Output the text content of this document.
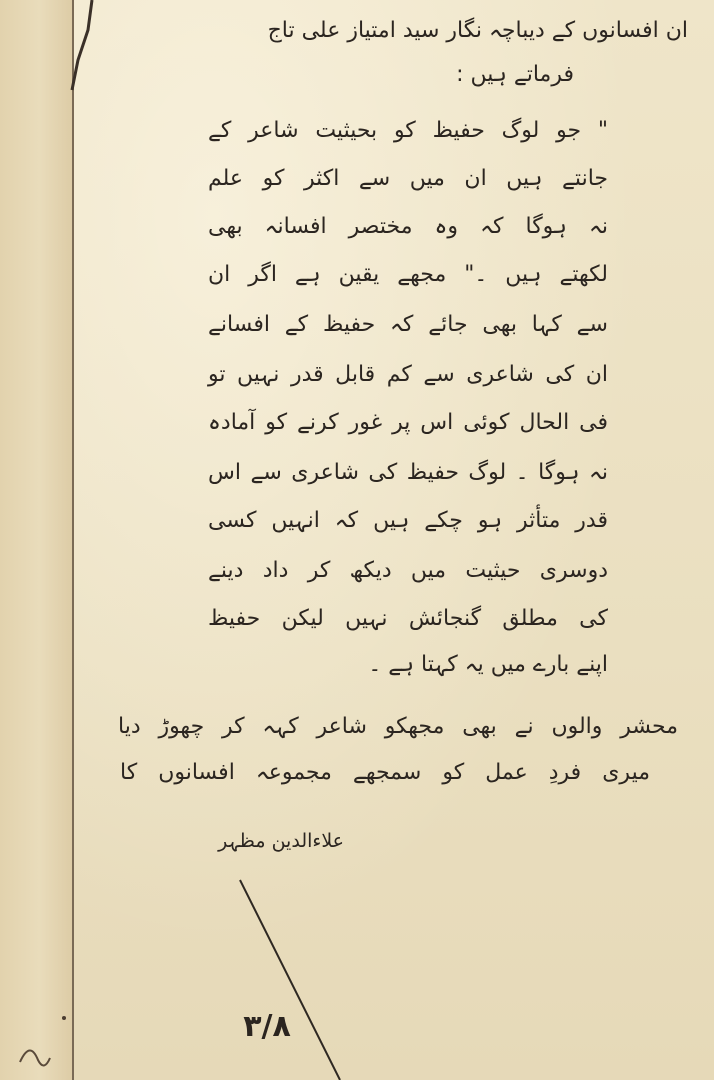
ان افسانوں کے دیباچہ نگار سید امتیاز علی تاج
فرماتے ہیں :
" جو لوگ حفیظ کو بحیثیت شاعر کے
جانتے ہیں ان میں سے اکثر کو علم
نہ ہوگا کہ وہ مختصر افسانہ بھی
لکھتے ہیں ۔" مجھے یقین ہے اگر ان
سے کہا بھی جائے کہ حفیظ کے افسانے
ان کی شاعری سے کم قابل قدر نہیں تو
فی الحال کوئی اس پر غور کرنے کو آمادہ
نہ ہوگا ۔ لوگ حفیظ کی شاعری سے اس
قدر متأثر ہو چکے ہیں کہ انہیں کسی
دوسری حیثیت میں دیکھ کر داد دینے
کی مطلق گنجائش نہیں لیکن حفیظ
اپنے بارے میں یہ کہتا ہے ۔
محشر والوں نے بھی مجھکو شاعر کہہ کر چھوڑ دیا
میری فردِ عمل کو سمجھے مجموعہ افسانوں کا
علاءالدین مظہر
٣/٨
